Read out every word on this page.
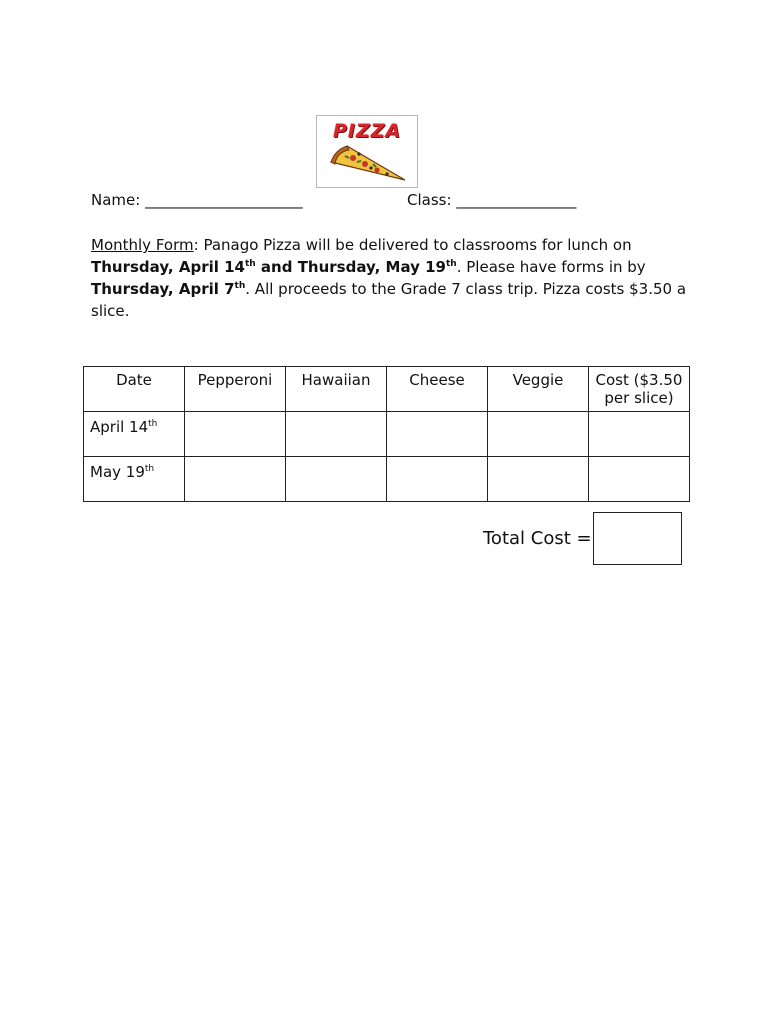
PIZZA
Name: _____________________	Class: ________________
Monthly Form: Panago Pizza will be delivered to classrooms for lunch on Thursday, April 14th and Thursday, May 19th. Please have forms in by Thursday, April 7th. All proceeds to the Grade 7 class trip. Pizza costs $3.50 a slice.
Date	Pepperoni	Hawaiian	Cheese	Veggie	Cost ($3.50 per slice)
April 14th					
May 19th					
Total Cost =
